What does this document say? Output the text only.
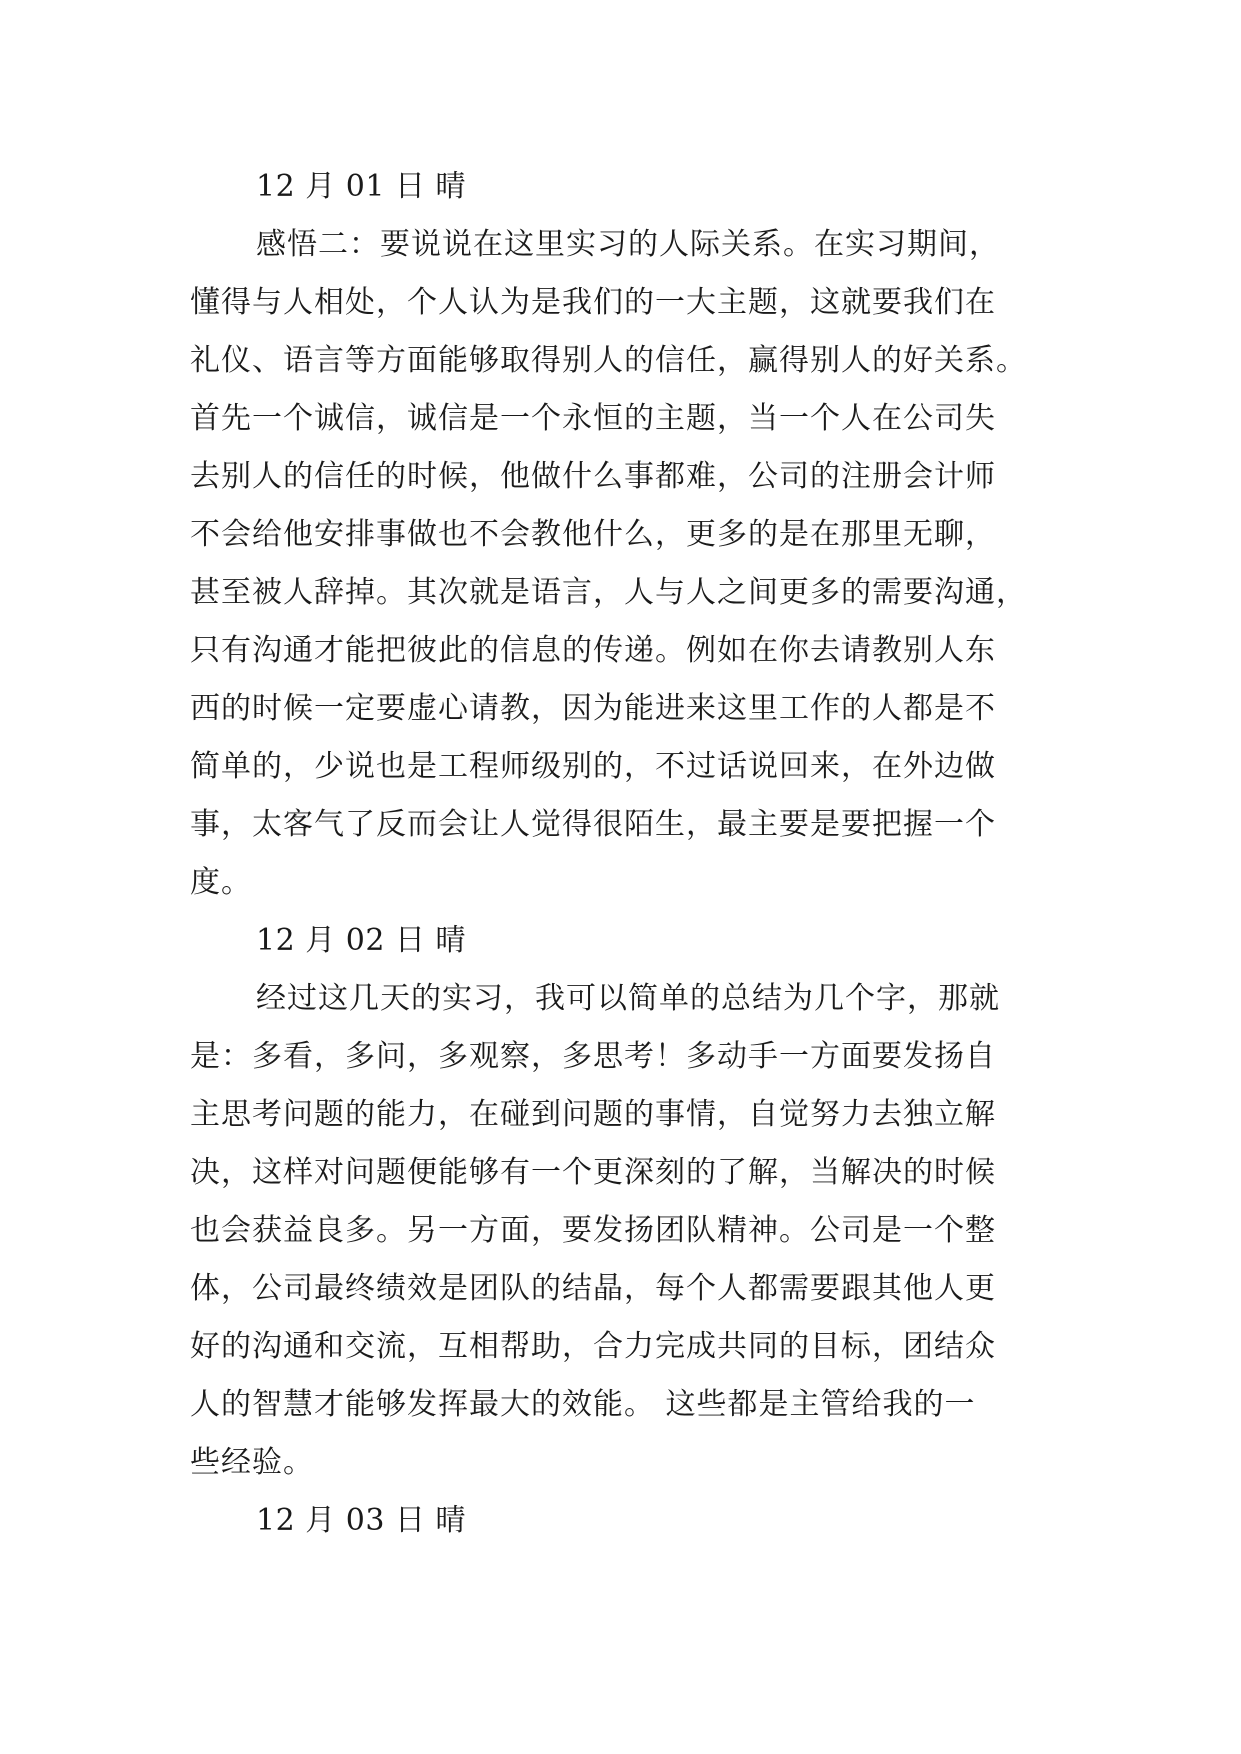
12 月 01 日 晴
感悟二：要说说在这里实习的人际关系。在实习期间，
懂得与人相处，个人认为是我们的一大主题，这就要我们在
礼仪、语言等方面能够取得别人的信任，赢得别人的好关系。
首先一个诚信，诚信是一个永恒的主题，当一个人在公司失
去别人的信任的时候，他做什么事都难，公司的注册会计师
不会给他安排事做也不会教他什么，更多的是在那里无聊，
甚至被人辞掉。其次就是语言，人与人之间更多的需要沟通，
只有沟通才能把彼此的信息的传递。例如在你去请教别人东
西的时候一定要虚心请教，因为能进来这里工作的人都是不
简单的，少说也是工程师级别的，不过话说回来，在外边做
事，太客气了反而会让人觉得很陌生，最主要是要把握一个
度。
12 月 02 日 晴
经过这几天的实习，我可以简单的总结为几个字，那就
是：多看，多问，多观察，多思考！多动手一方面要发扬自
主思考问题的能力，在碰到问题的事情，自觉努力去独立解
决，这样对问题便能够有一个更深刻的了解，当解决的时候
也会获益良多。另一方面，要发扬团队精神。公司是一个整
体，公司最终绩效是团队的结晶，每个人都需要跟其他人更
好的沟通和交流，互相帮助，合力完成共同的目标，团结众
人的智慧才能够发挥最大的效能。 这些都是主管给我的一
些经验。
12 月 03 日 晴
